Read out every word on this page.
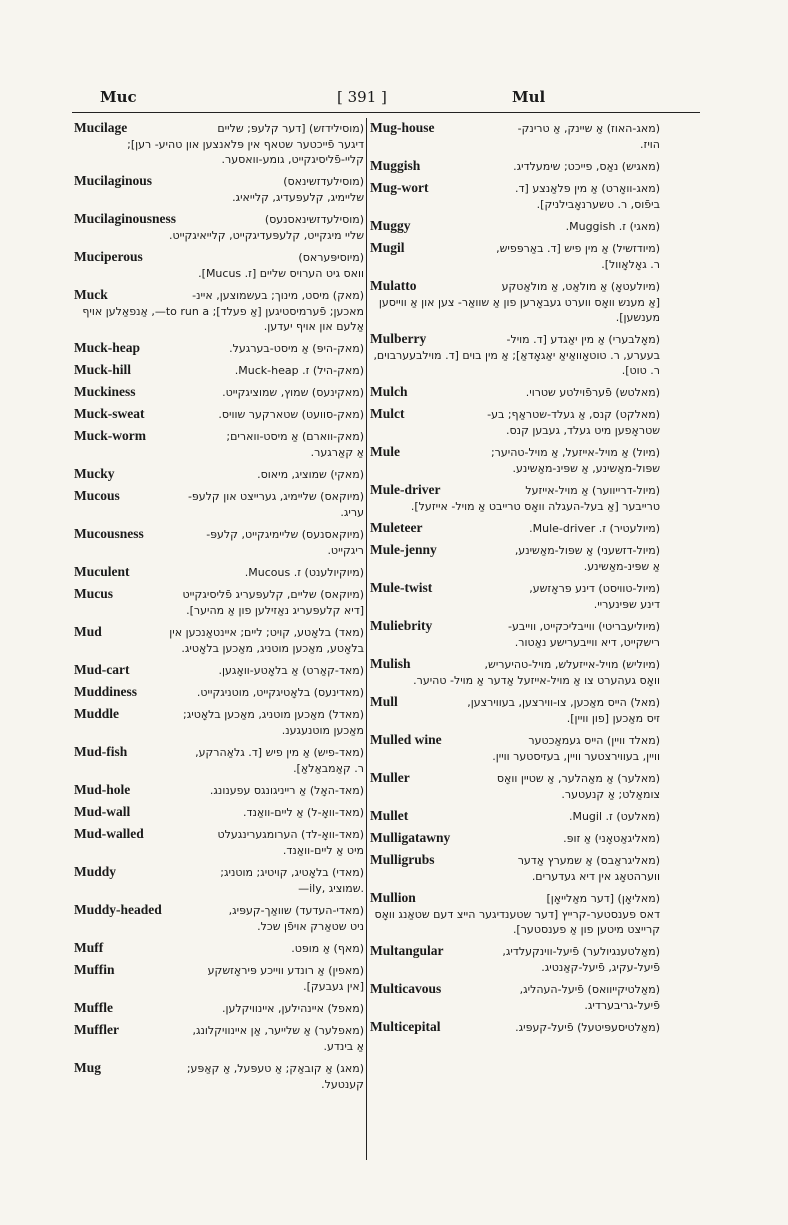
Muc	[ 391 ]	Mul
Mucilage	(מוסילידזש) [דער קלעפּ; שליים
דיגער פֿייכטער שטאף אין פּלאנצען און טהיע- רען]; קליי-פֿליסיגקייט, גומע-וואסער.
Mucilaginous	(מוסילעדזשינאס)
שליימיג, קלעפּעדיג, קלייאיג.
Mucilaginousness	(מוסילעדזשינאסנעס)
שליי מיגקייט, קלעפּעדיגקייט, קלייאיגקייט.
Muciperous	(מיוסיפּעראס)
וואס גיט הערויס שליים [ז. Mucus].
Muck	(מאק) מיסט, מינוך; בעשמוצען, איינ-
מאכען; פֿערמיסטיגען [אַ פעלד]; to run a—, אַנפאַלען אויף אַלעם און אויף יעדען.
Muck-heap	(מאק-היפּ) אַ מיסט-בערגעל.
Muck-hill	(מאק-היל) ז. Muck-heap.
Muckiness	(מאקינעס) שמוץ, שמוציגקייט.
Muck-sweat	(מאק-סוועט) שטארקער שוויס.
Muck-worm	(מאק-ווארם) אַ מיסט-ווארים;
אַ קאַרגער.
Mucky	(מאקי) שמוציג, מיאוס.
Mucous	(מיוקאס) שליימיג, גערייצט און קלעפּ-
עריג.
Mucousness	(מיוקאסנעס) שליימיגקייט, קלעפּ-
ריגקייט.
Muculent	(מיוקיולענט) ז. Mucous.
Mucus	(מיוקאס) שליים, קלעפּעריג פֿליסיגקייט
[דיא קלעפּעריג נאַזילען פון אַ מהיער].
Mud	(מאד) בלאָטע, קויט; ליים; איינטאַנכען אין
בלאָטע, מאַכען מוטניג, מאַכען בלאָטיג.
Mud-cart	(מאד-קאַרט) אַ בלאָטע-וואָגען.
Muddiness	(מאדינעס) בלאָטיגקייט, מוטניגקייט.
Muddle	(מאדל) מאַכען מוטניג, מאַכען בלאָטיג;
מאַכען מוטנעגענ.
Mud-fish	(מאד-פיש) אַ מין פיש [ד. גלאַהרקע,
ר. קאַמבאַלאַ].
Mud-hole	(מאד-האָל) אַ רייניגונגס עפענונג.
Mud-wall	(מאד-וואָ-ל) אַ ליים-וואַנד.
Mud-walled	(מאד-וואָ-לד) הערומגערינגעלט
מיט אַ ליים-וואַנד.
Muddy	(מאדי) בלאָטיג, קויטיג; מוטניג;
—ily, שמוציג.
Muddy-headed	(מאדי-העדעד) שוואַך-קעפּיג,
ניט שטאַרק אויפֿן שכל.
Muff	(מאף) אַ מופּט.
Muffin	(מאפין) אַ רונדע ווייכע פּיראָזשקע
[אין געבעק].
Muffle	(מאפל) איינהילען, איינוויקלען.
Muffler	(מאפלער) אַ שלייער, אַן איינוויקלונג,
אַ בינדע.
Mug	(מאג) אַ קובאַק; אַ טעפּעל, אַ קאַפּע;
קענטעל.
Mug-house	(מאג-האוז) אַ שיינק, אַ טרינק-
הויז.
Muggish	(מאגיש) נאַס, פייכט; שימעלדיג.
Mug-wort	(מאג-וואָרט) אַ מין פּלאַנצע [ד.
ביפֿוס, ר. טשערנאָבילניק].
Muggy	(מאגי) ז. Muggish.
Mugil	(מיודזשיל) אַ מין פיש [ד. באַרפּפיש,
ר. גאָלאָוול].
Mulatto	(מיולעטאָ) אַ מולאַט, אַ מולאַטקע
[אַ מענש וואָס ווערט געבאָרען פון אַ שוואַר- צען און אַ ווייסען מענשען].
Mulberry	(מאָלבערי) אַ מין יאַגדע [ד. מויל-
בעערע, ר. טוטאָוואַיאַ יאַגאָדאַ]; אַ מין בוים [ד. מוילבעערבוים, ר. טוט].
Mulch	(מאלטש) פֿערפֿוילטע שטרוי.
Mulct	(מאלקט) קנס, אַ געלד-שטראַף; בע-
שטראָפען מיט געלד, געבען קנס.
Mule	(מיול) אַ מויל-אייזעל, אַ מויל-טהיער;
שפּול-מאַשינע, אַ שפּינ-מאַשינע.
Mule-driver	(מיול-דרייווער) אַ מויל-אייזעל
טרייבער [אַ בעל-העגלה וואָס טרייבט אַ מויל- אייזעל].
Muleteer	(מיולעטיר) ז. Mule-driver.
Mule-jenny	(מיול-דזשעני) אַ שפּול-מאַשינע,
אַ שפּינ-מאַשינע.
Mule-twist	(מיול-טוויסט) דינע פּראָזשע,
דינע שפּינעריי.
Muliebrity	(מיוליעבריטי) ווייבליכקייט, ווייבע-
רישקייט, דיא ווייבערישע נאַטור.
Mulish	(מיוליש) מויל-אייזעלש, מויל-טהיעריש,
וואָס געהערט צו אַ מויל-אייזעל אַדער אַ מויל- טהיער.
Mull	(מאל) הייס מאַכען, צו-ווירצען, בעווירצען,
זיס מאַכען [פון וויין].
Mulled wine	(מאלד וויין) הייס געמאַכטער
וויין, בעווירצטער וויין, בעזיסטער וויין.
Muller	(מאלער) אַ מאַהלער, אַ שטיין וואָס
צומאַלט; אַ קנעטער.
Mullet	(מאלעט) ז. Mugil.
Mulligatawny	(מאליגאַטאָני) אַ זופּ.
Mulligrubs	(מאליגראַבס) אַ שמערץ אַדער
ווערהטאָג אין דיא געדערים.
Mullion	(מאליאָן) [דער מאַלייאָן]
דאס פענסטער-קרייץ [דער שטענדיגער הייצ דעם שטאַנג וואָס קרייצט מיטען פון אַ פענסטער].
Multangular	(מאַלטענגיולער) פֿיעל-ווינקעלדיג,
פֿיעל-עקיג, פֿיעל-קאַנטיג.
Multicavous	(מאַלטיקייוואס) פֿיעל-העהליג,
פֿיעל-גריבערדיג.
Multicepital	(מאַלטיסעפּיטעל) פֿיעל-קעפּיג.
